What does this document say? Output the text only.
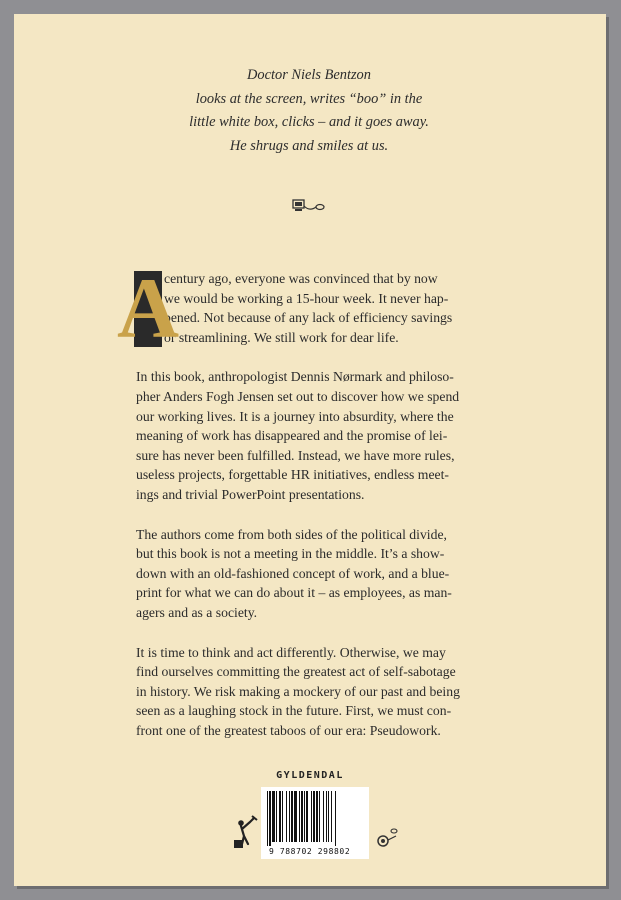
Doctor Niels Bentzon
looks at the screen, writes “boo” in the
little white box, clicks – and it goes away.
He shrugs and smiles at us.
A
century ago, everyone was convinced that by now
we would be working a 15-hour week. It never hap-
pened. Not because of any lack of efficiency savings
or streamlining. We still work for dear life.
In this book, anthropologist Dennis Nørmark and philoso-
pher Anders Fogh Jensen set out to discover how we spend
our working lives. It is a journey into absurdity, where the
meaning of work has disappeared and the promise of lei-
sure has never been fulfilled. Instead, we have more rules,
useless projects, forgettable HR initiatives, endless meet-
ings and trivial PowerPoint presentations.
The authors come from both sides of the political divide,
but this book is not a meeting in the middle. It’s a show-
down with an old-fashioned concept of work, and a blue-
print for what we can do about it – as employees, as man-
agers and as a society.
It is time to think and act differently. Otherwise, we may
find ourselves committing the greatest act of self-sabotage
in history. We risk making a mockery of our past and being
seen as a laughing stock in the future. First, we must con-
front one of the greatest taboos of our era: Pseudowork.
GYLDENDAL
9 788702 298802
